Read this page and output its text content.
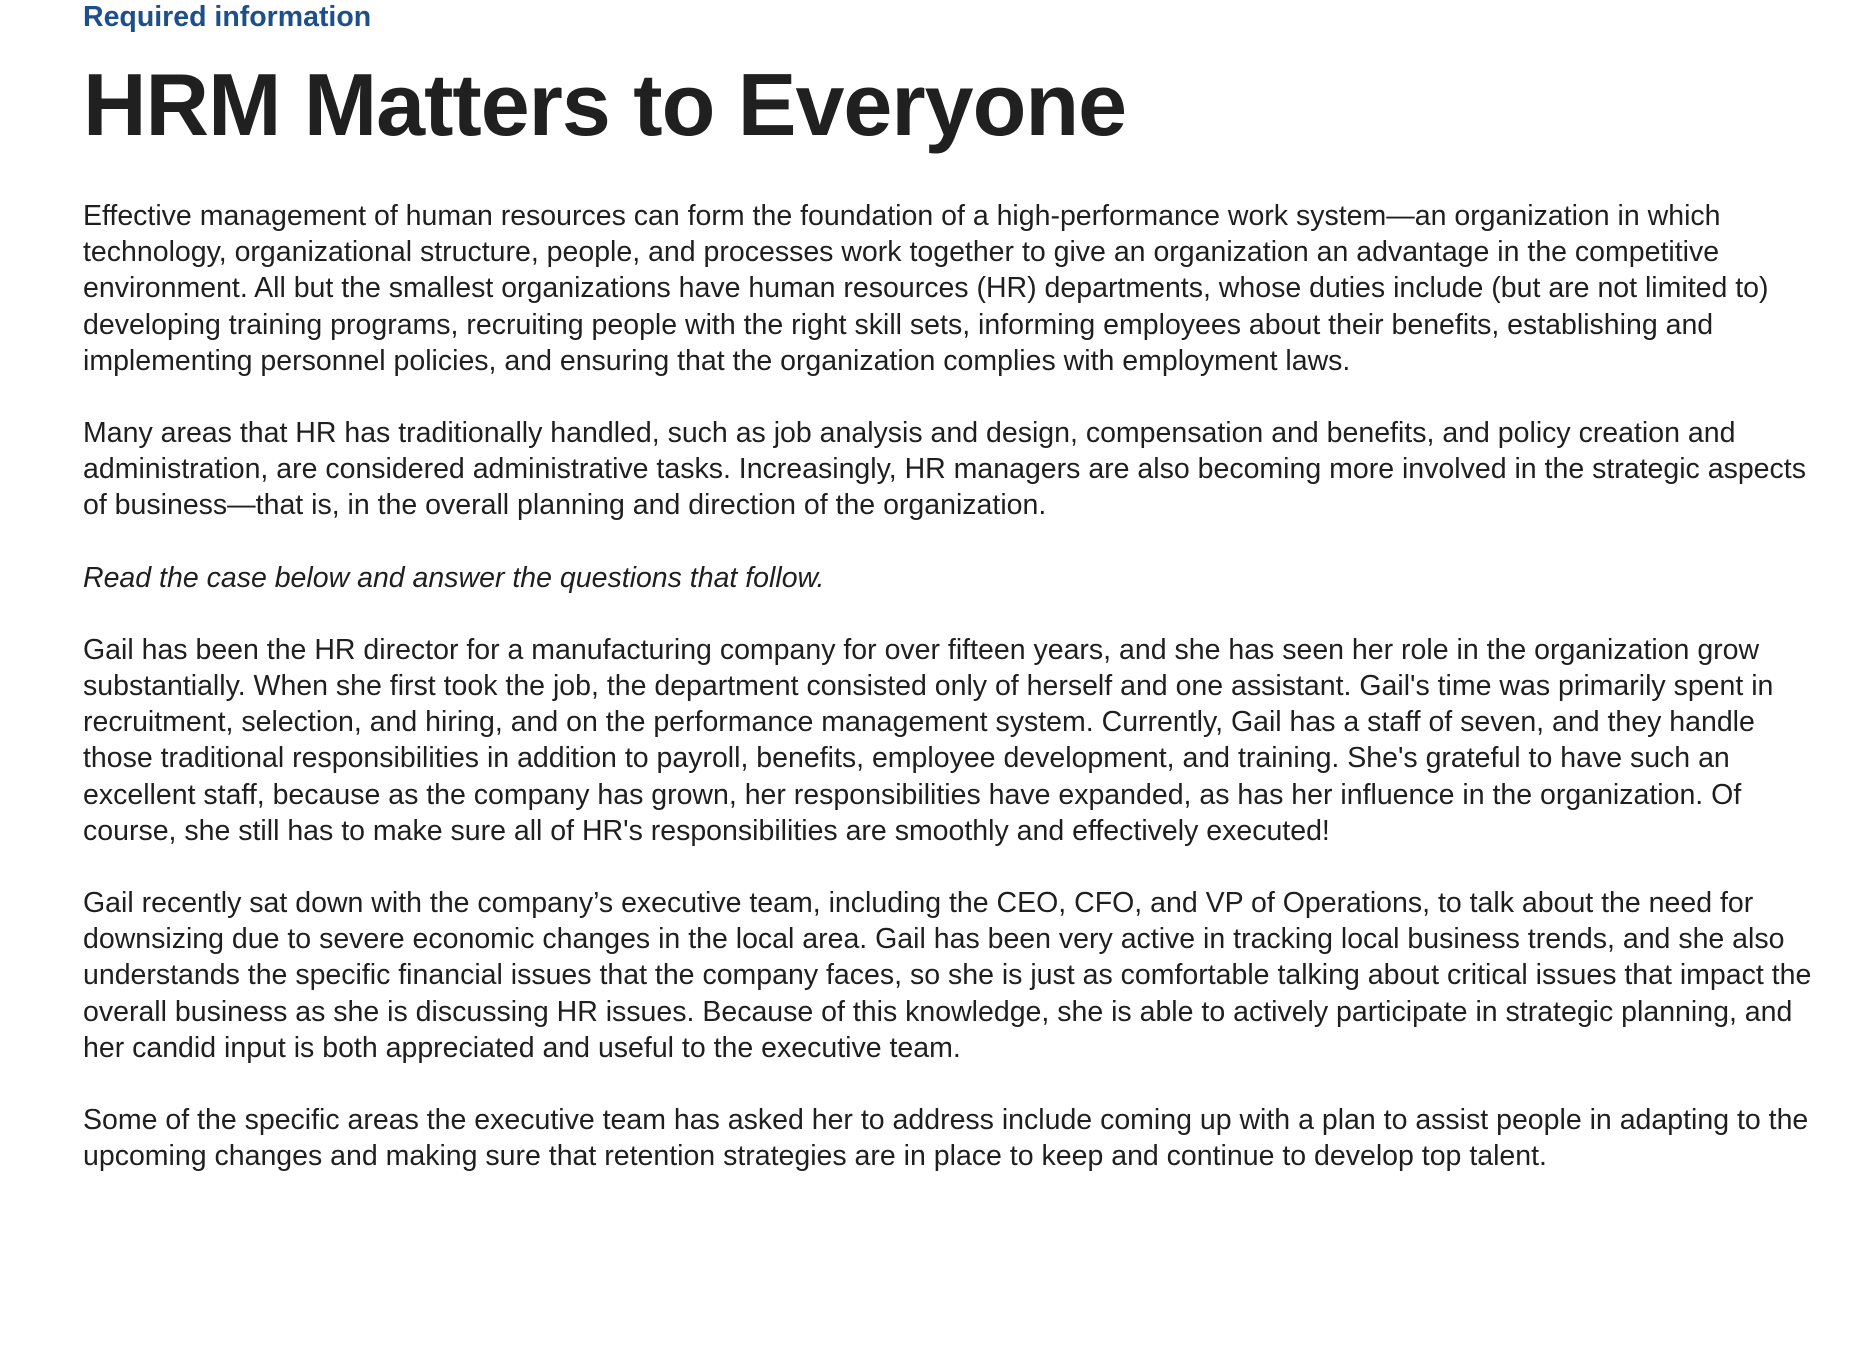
Required information
HRM Matters to Everyone

Effective management of human resources can form the foundation of a high-performance work system—an organization in which technology, organizational structure, people, and processes work together to give an organization an advantage in the competitive environment. All but the smallest organizations have human resources (HR) departments, whose duties include (but are not limited to) developing training programs, recruiting people with the right skill sets, informing employees about their benefits, establishing and implementing personnel policies, and ensuring that the organization complies with employment laws.

Many areas that HR has traditionally handled, such as job analysis and design, compensation and benefits, and policy creation and administration, are considered administrative tasks. Increasingly, HR managers are also becoming more involved in the strategic aspects of business—that is, in the overall planning and direction of the organization.

Read the case below and answer the questions that follow.

Gail has been the HR director for a manufacturing company for over fifteen years, and she has seen her role in the organization grow substantially. When she first took the job, the department consisted only of herself and one assistant. Gail's time was primarily spent in recruitment, selection, and hiring, and on the performance management system. Currently, Gail has a staff of seven, and they handle those traditional responsibilities in addition to payroll, benefits, employee development, and training. She's grateful to have such an excellent staff, because as the company has grown, her responsibilities have expanded, as has her influence in the organization. Of course, she still has to make sure all of HR's responsibilities are smoothly and effectively executed!

Gail recently sat down with the company’s executive team, including the CEO, CFO, and VP of Operations, to talk about the need for downsizing due to severe economic changes in the local area. Gail has been very active in tracking local business trends, and she also understands the specific financial issues that the company faces, so she is just as comfortable talking about critical issues that impact the overall business as she is discussing HR issues. Because of this knowledge, she is able to actively participate in strategic planning, and her candid input is both appreciated and useful to the executive team.

Some of the specific areas the executive team has asked her to address include coming up with a plan to assist people in adapting to the upcoming changes and making sure that retention strategies are in place to keep and continue to develop top talent.
